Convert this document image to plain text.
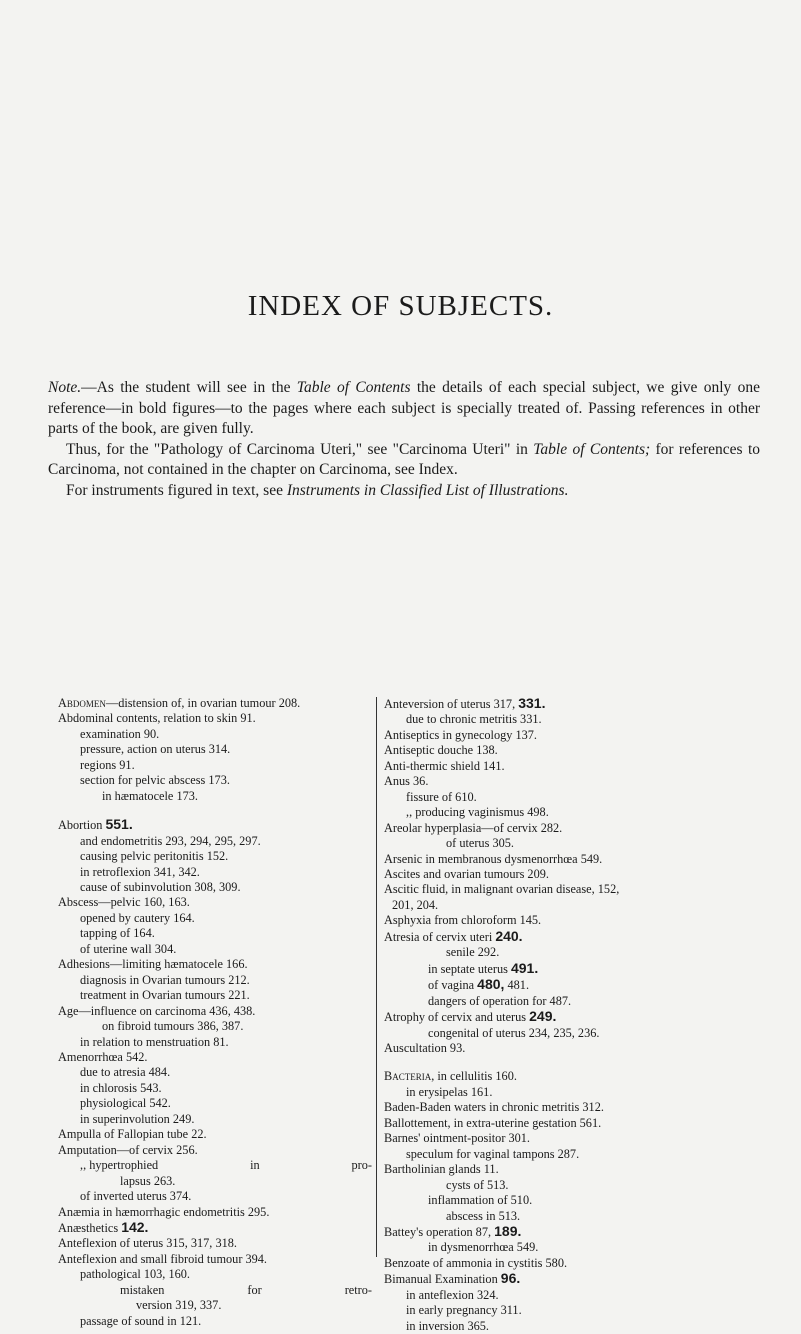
INDEX OF SUBJECTS.

Note.—As the student will see in the Table of Contents the details of each special subject, we give only one reference—in bold figures—to the pages where each subject is specially treated of. Passing references in other parts of the book, are given fully.

Thus, for the "Pathology of Carcinoma Uteri," see "Carcinoma Uteri" in Table of Contents; for references to Carcinoma, not contained in the chapter on Carcinoma, see Index.

For instruments figured in text, see Instruments in Classified List of Illustrations.

Abdomen—distension of, in ovarian tumour 208.
Abdominal contents, relation to skin 91.
examination 90.
pressure, action on uterus 314.
regions 91.
section for pelvic abscess 173.
in hæmatocele 173.
Abortion 551.
and endometritis 293, 294, 295, 297.
causing pelvic peritonitis 152.
in retroflexion 341, 342.
cause of subinvolution 308, 309.
Abscess—pelvic 160, 163.
opened by cautery 164.
tapping of 164.
of uterine wall 304.
Adhesions—limiting hæmatocele 166.
diagnosis in Ovarian tumours 212.
treatment in Ovarian tumours 221.
Age—influence on carcinoma 436, 438.
on fibroid tumours 386, 387.
in relation to menstruation 81.
Amenorrhœa 542.
due to atresia 484.
in chlorosis 543.
physiological 542.
in superinvolution 249.
Ampulla of Fallopian tube 22.
Amputation—of cervix 256.
,, hypertrophied	in	pro-
lapsus 263.
of inverted uterus 374.
Anæmia in hæmorrhagic endometritis 295.
Anæsthetics 142.
Anteflexion of uterus 315, 317, 318.
Anteflexion and small fibroid tumour 394.
pathological 103, 160.
mistaken	for	retro-
version 319, 337.
passage of sound in 121.
Anteversion of uterus 317, 331.
due to chronic metritis 331.
Antiseptics in gynecology 137.
Antiseptic douche 138.
Anti-thermic shield 141.
Anus 36.
fissure of 610.
,, producing vaginismus 498.
Areolar hyperplasia—of cervix 282.
of uterus 305.
Arsenic in membranous dysmenorrhœa 549.
Ascites and ovarian tumours 209.
Ascitic fluid, in malignant ovarian disease, 152,
201, 204.
Asphyxia from chloroform 145.
Atresia of cervix uteri 240.
senile 292.
in septate uterus 491.
of vagina 480, 481.
dangers of operation for 487.
Atrophy of cervix and uterus 249.
congenital of uterus 234, 235, 236.
Auscultation 93.
Bacteria, in cellulitis 160.
in erysipelas 161.
Baden-Baden waters in chronic metritis 312.
Ballottement, in extra-uterine gestation 561.
Barnes' ointment-positor 301.
speculum for vaginal tampons 287.
Bartholinian glands 11.
cysts of 513.
inflammation of 510.
abscess in 513.
Battey's operation 87, 189.
in dysmenorrhœa 549.
Benzoate of ammonia in cystitis 580.
Bimanual Examination 96.
in anteflexion 324.
in early pregnancy 311.
in inversion 365.
